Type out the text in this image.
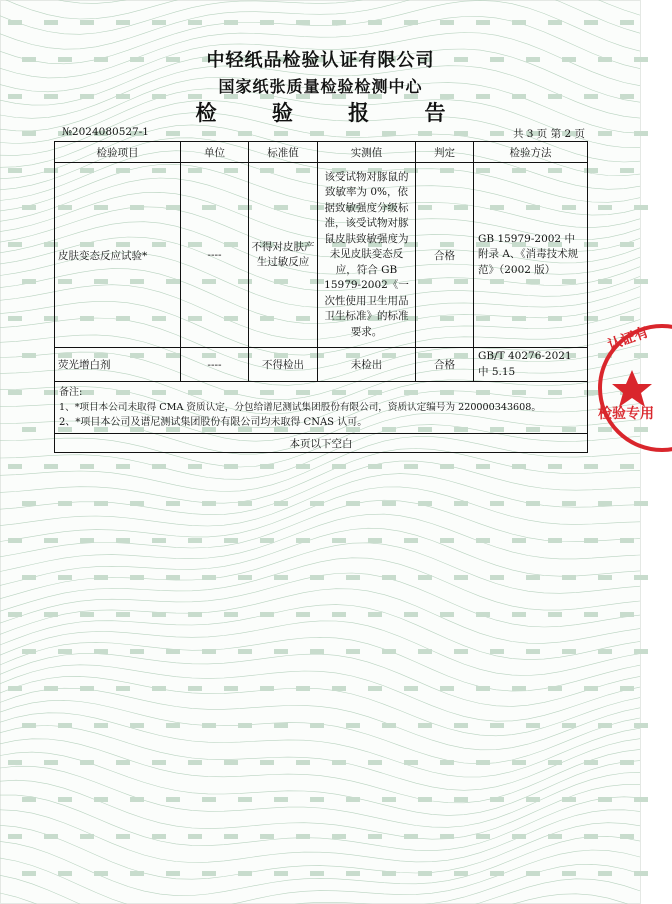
中轻纸品检验认证有限公司
国家纸张质量检验检测中心
检 验 报 告
№2024080527-1	共 3 页 第 2 页
检验项目	单位	标准值	实测值	判定	检验方法
皮肤变态反应试验*	----	不得对皮肤产生过敏反应	该受试物对豚鼠的致敏率为 0%，依据致敏强度分级标准，该受试物对豚鼠皮肤致敏强度为未见皮肤变态反应，符合 GB 15979-2002《一次性使用卫生用品卫生标准》的标准要求。	合格	GB 15979-2002 中附录 A、《消毒技术规范》（2002 版）
荧光增白剂	----	不得检出	未检出	合格	GB/T 40276-2021 中 5.15

备注:
1、*项目本公司未取得 CMA 资质认定，分包给谱尼测试集团股份有限公司，资质认定编号为 220000343608。
2、*项目本公司及谱尼测试集团股份有限公司均未取得 CNAS 认可。					

本页以下空白					
认证有
检验专用
